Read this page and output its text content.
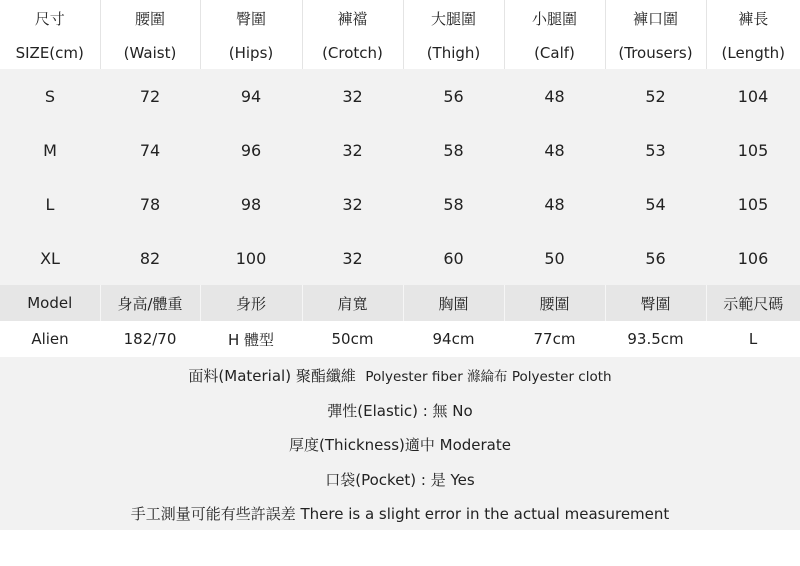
尺寸	腰圍	臀圍	褲襠	大腿圍	小腿圍	褲口圍	褲長
SIZE(cm)	(Waist)	(Hips)	(Crotch)	(Thigh)	(Calf)	(Trousers)	(Length)
S	72	94	32	56	48	52	104
M	74	96	32	58	48	53	105
L	78	98	32	58	48	54	105
XL	82	100	32	60	50	56	106
Model	身高/體重	身形	肩寬	胸圍	腰圍	臀圍	示範尺碼
Alien	182/70	H 體型	50cm	94cm	77cm	93.5cm	L
面料(Material) 聚酯纖維 Polyester fiber 滌綸布 Polyester cloth
彈性(Elastic) : 無 No
厚度(Thickness)適中 Moderate
口袋(Pocket) : 是 Yes
手工測量可能有些許誤差 There is a slight error in the actual measurement
